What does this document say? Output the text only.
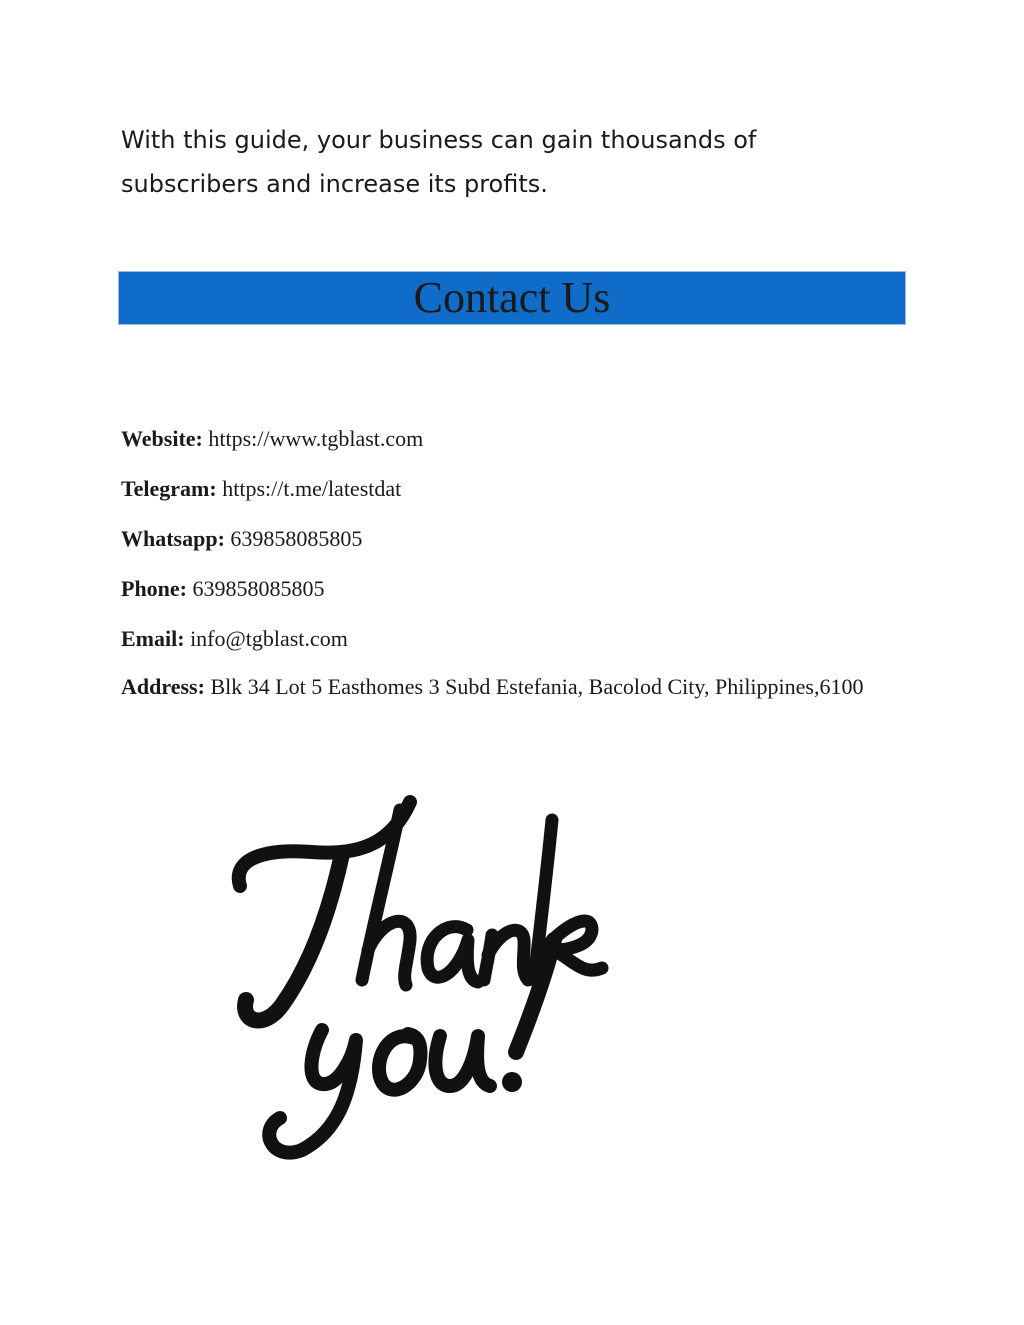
With this guide, your business can gain thousands of subscribers and increase its profits.

Contact Us

Website: https://www.tgblast.com

Telegram: https://t.me/latestdat

Whatsapp: 639858085805

Phone: 639858085805

Email: info@tgblast.com

Address: Blk 34 Lot 5 Easthomes 3 Subd Estefania, Bacolod City, Philippines,6100
